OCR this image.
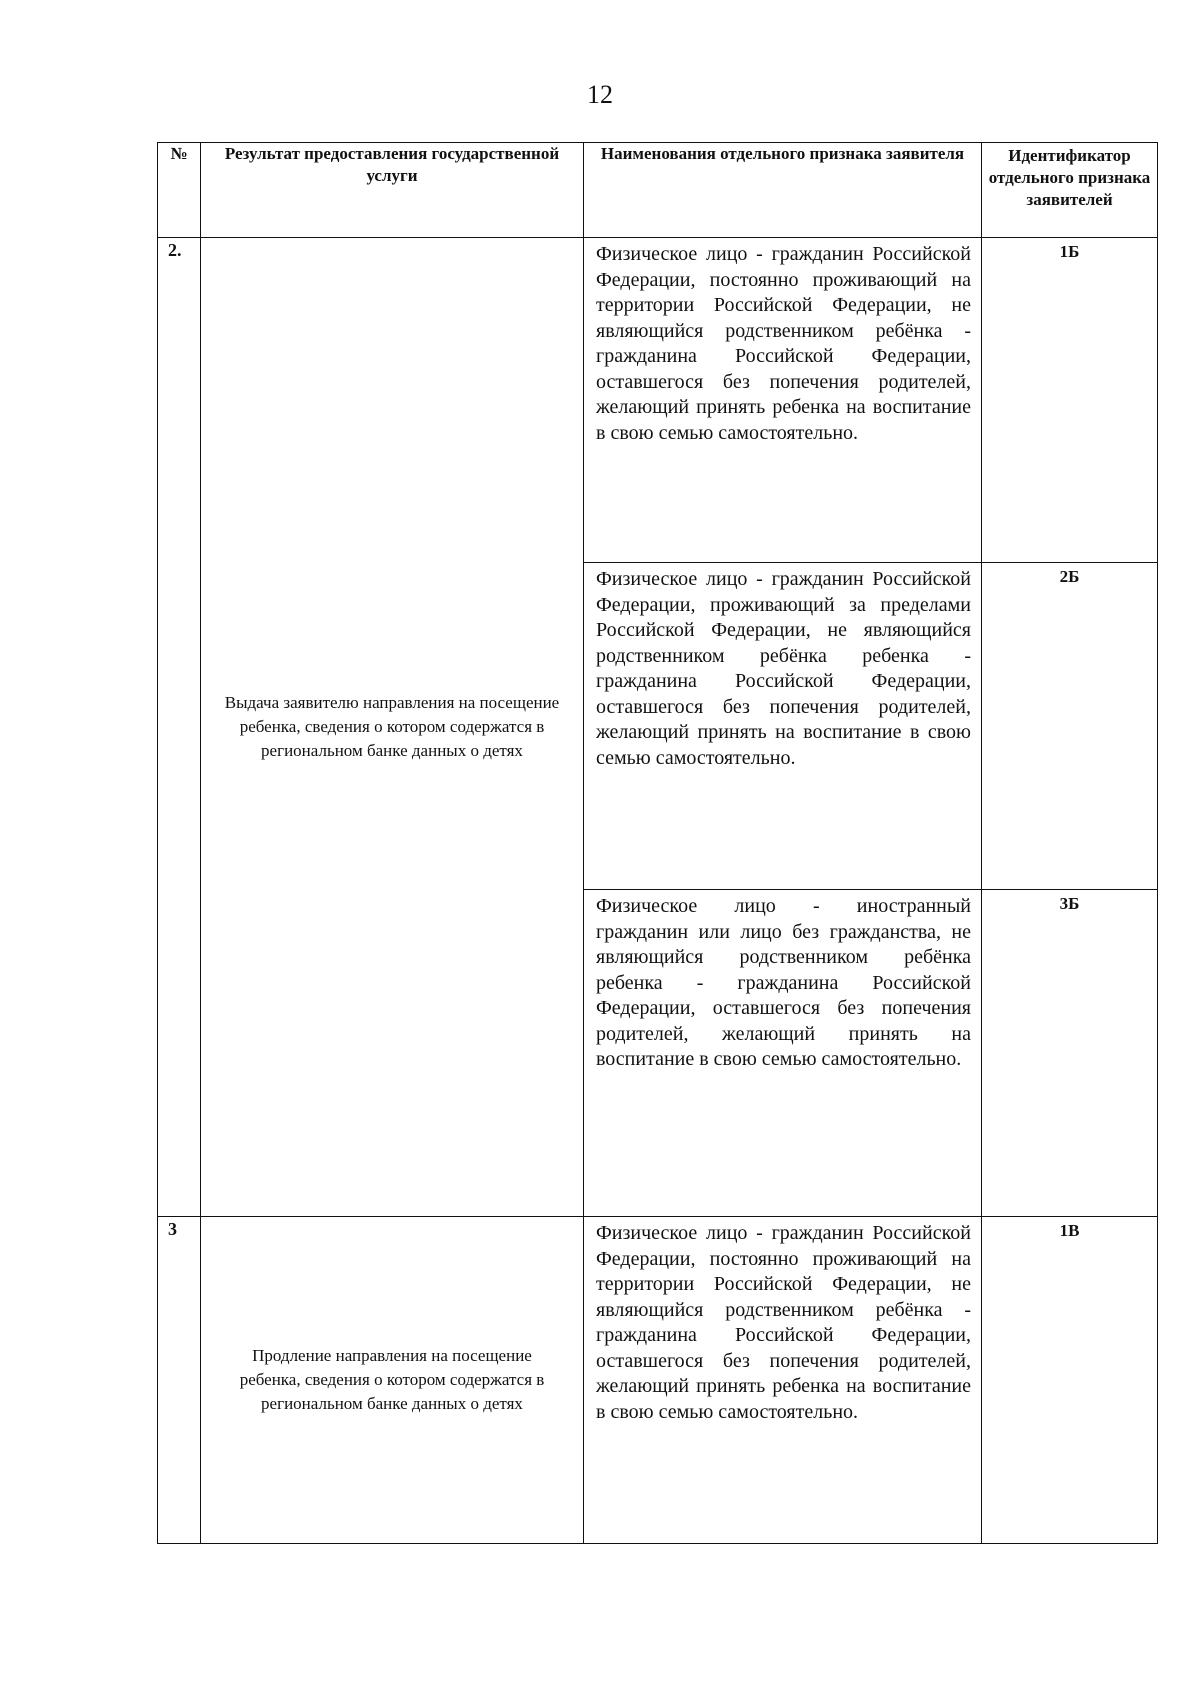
12
№	Результат предоставления государственной услуги	Наименования отдельного признака заявителя	Идентификатор отдельного признака заявителей
2.	Выдача заявителю направления на посещение ребенка, сведения о котором содержатся в региональном банке данных о детях	Физическое лицо - гражданин Российской Федерации, постоянно проживающий на территории Российской Федерации, не являющийся родственником ребёнка - гражданина Российской Федерации, оставшегося без попечения родителей, желающий принять ребенка на воспитание в свою семью самостоятельно.	1Б

		Физическое лицо - гражданин Российской Федерации, проживающий за пределами Российской Федерации, не являющийся родственником ребёнка ребенка - гражданина Российской Федерации, оставшегося без попечения родителей, желающий принять на воспитание в свою семью самостоятельно.	2Б

		Физическое лицо - иностранный гражданин или лицо без гражданства, не являющийся родственником ребёнка ребенка - гражданина Российской Федерации, оставшегося без попечения родителей, желающий принять на воспитание в свою семью самостоятельно.	3Б
3	Продление направления на посещение ребенка, сведения о котором содержатся в региональном банке данных о детях	Физическое лицо - гражданин Российской Федерации, постоянно проживающий на территории Российской Федерации, не являющийся родственником ребёнка - гражданина Российской Федерации, оставшегося без попечения родителей, желающий принять ребенка на воспитание в свою семью самостоятельно.	1В
